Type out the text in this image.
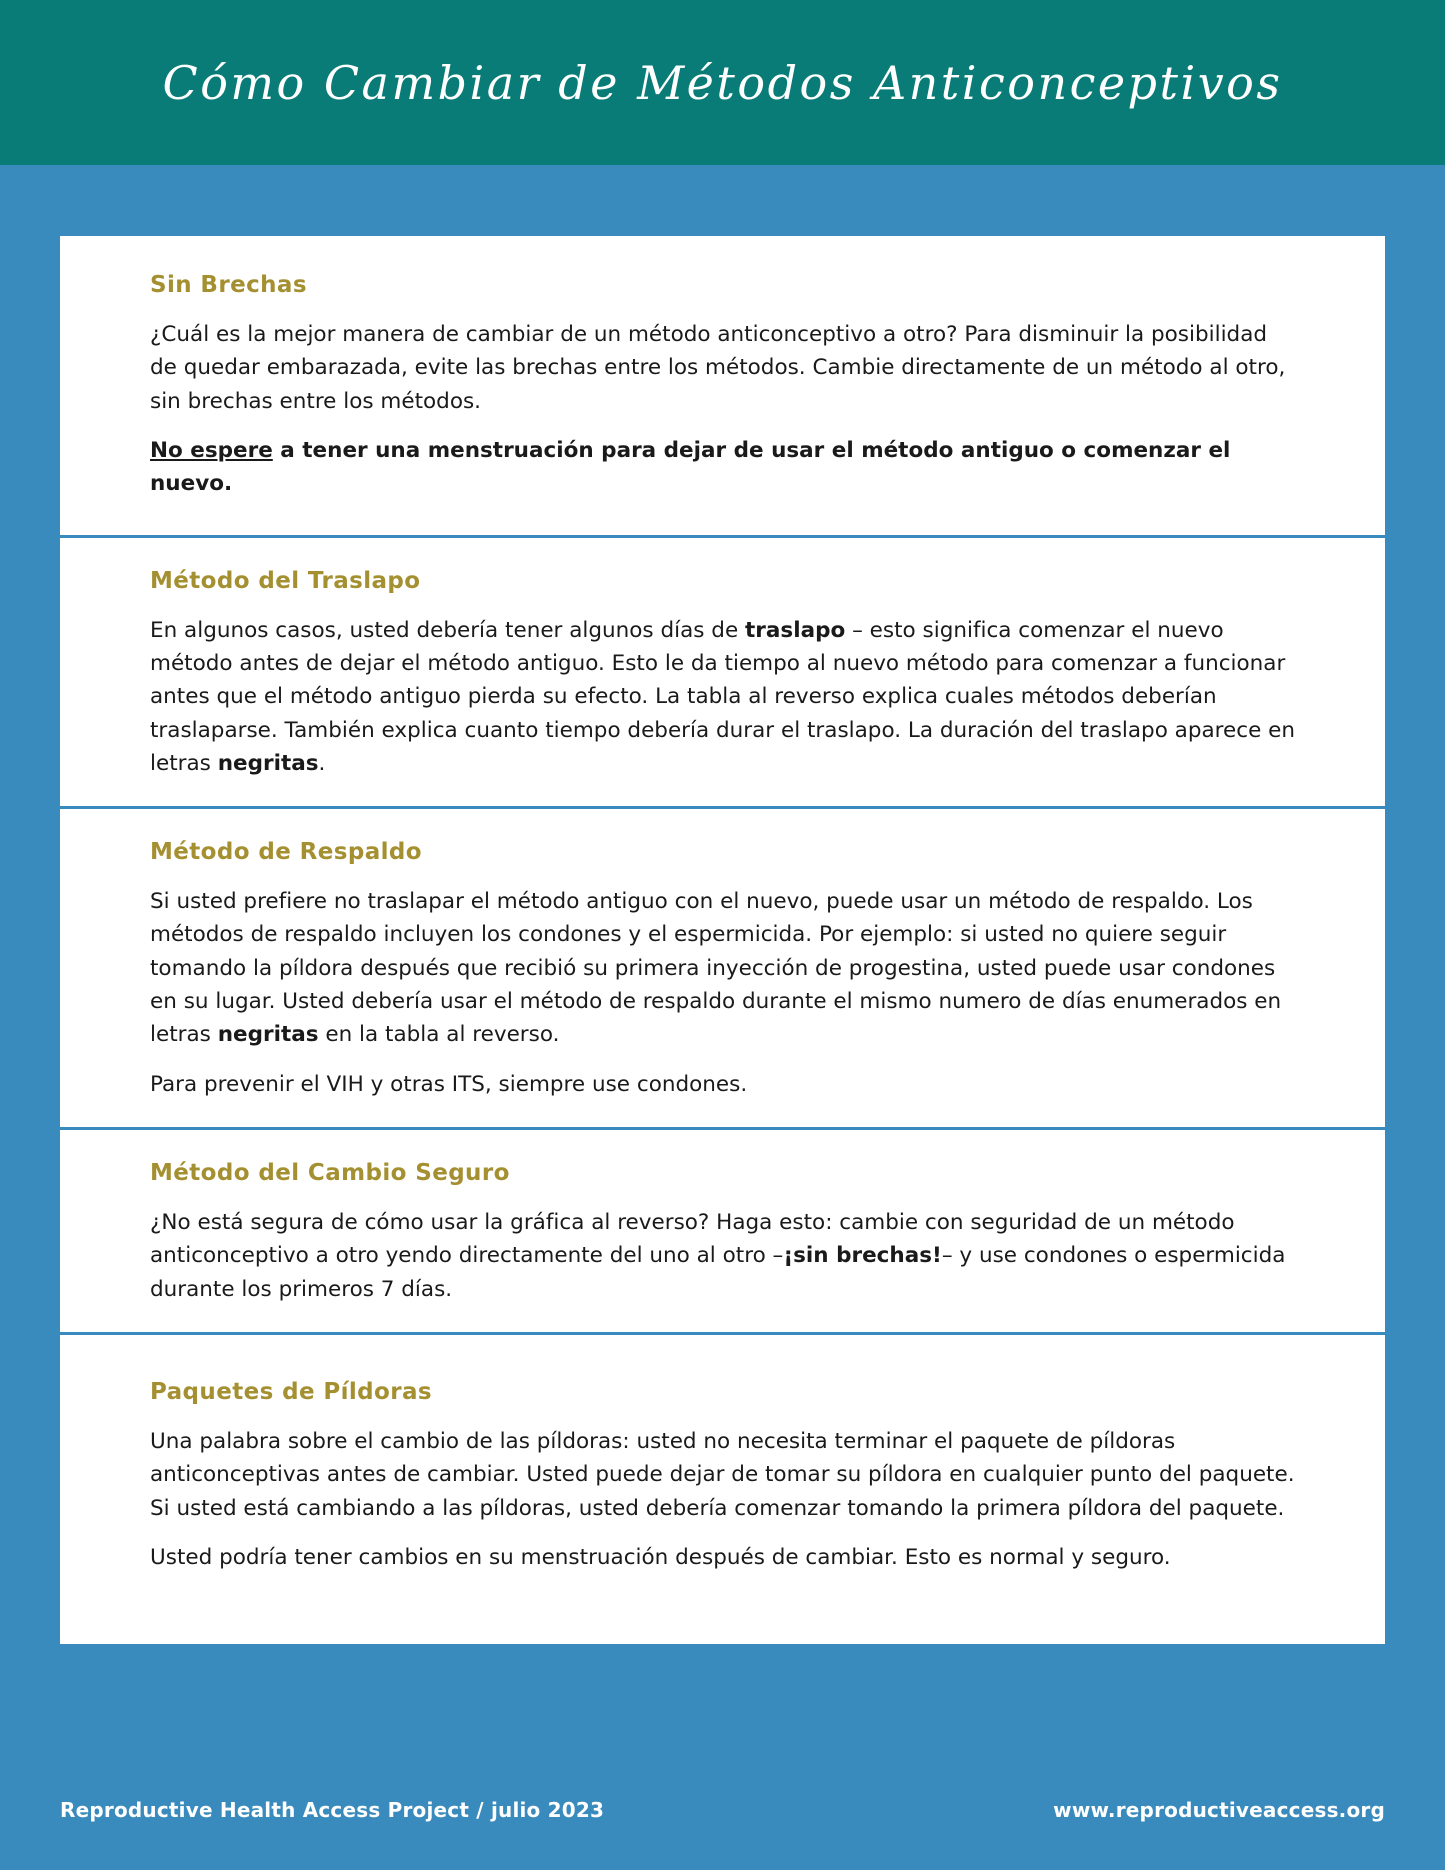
Cómo Cambiar de Métodos Anticonceptivos
Sin Brechas

¿Cuál es la mejor manera de cambiar de un método anticonceptivo a otro? Para disminuir la posibilidad de quedar embarazada, evite las brechas entre los métodos. Cambie directamente de un método al otro, sin brechas entre los métodos.

No espere a tener una menstruación para dejar de usar el método antiguo o comenzar el nuevo.

Método del Traslapo

En algunos casos, usted debería tener algunos días de traslapo – esto significa comenzar el nuevo método antes de dejar el método antiguo. Esto le da tiempo al nuevo método para comenzar a funcionar antes que el método antiguo pierda su efecto. La tabla al reverso explica cuales métodos deberían traslaparse. También explica cuanto tiempo debería durar el traslapo. La duración del traslapo aparece en letras negritas.

Método de Respaldo

Si usted prefiere no traslapar el método antiguo con el nuevo, puede usar un método de respaldo. Los métodos de respaldo incluyen los condones y el espermicida. Por ejemplo: si usted no quiere seguir tomando la píldora después que recibió su primera inyección de progestina, usted puede usar condones en su lugar. Usted debería usar el método de respaldo durante el mismo numero de días enumerados en letras negritas en la tabla al reverso.

Para prevenir el VIH y otras ITS, siempre use condones.

Método del Cambio Seguro

¿No está segura de cómo usar la gráfica al reverso? Haga esto: cambie con seguridad de un método anticonceptivo a otro yendo directamente del uno al otro –¡sin brechas!– y use condones o espermicida durante los primeros 7 días.

Paquetes de Píldoras

Una palabra sobre el cambio de las píldoras: usted no necesita terminar el paquete de píldoras anticonceptivas antes de cambiar. Usted puede dejar de tomar su píldora en cualquier punto del paquete. Si usted está cambiando a las píldoras, usted debería comenzar tomando la primera píldora del paquete.

Usted podría tener cambios en su menstruación después de cambiar. Esto es normal y seguro.

Reproductive Health Access Project / julio 2023	www.reproductiveaccess.org
